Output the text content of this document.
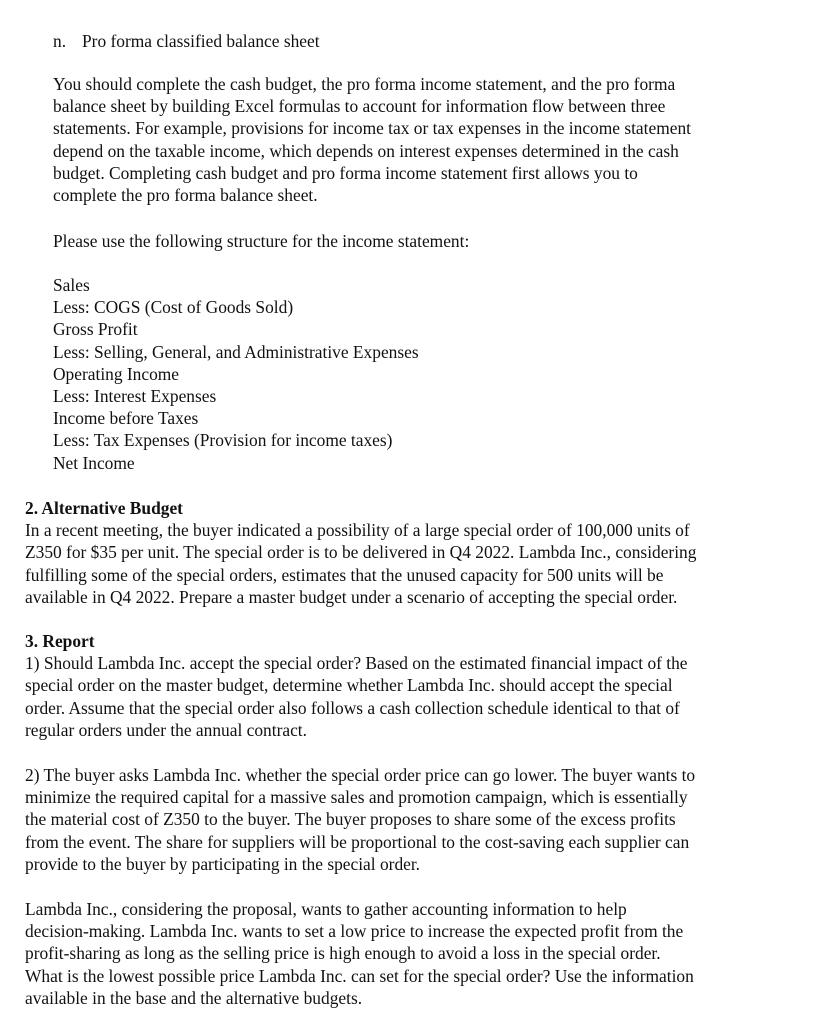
n. Pro forma classified balance sheet
You should complete the cash budget, the pro forma income statement, and the pro forma
balance sheet by building Excel formulas to account for information flow between three
statements. For example, provisions for income tax or tax expenses in the income statement
depend on the taxable income, which depends on interest expenses determined in the cash
budget. Completing cash budget and pro forma income statement first allows you to
complete the pro forma balance sheet.
Please use the following structure for the income statement:
Sales
Less: COGS (Cost of Goods Sold)
Gross Profit
Less: Selling, General, and Administrative Expenses
Operating Income
Less: Interest Expenses
Income before Taxes
Less: Tax Expenses (Provision for income taxes)
Net Income
2. Alternative Budget
In a recent meeting, the buyer indicated a possibility of a large special order of 100,000 units of
Z350 for $35 per unit. The special order is to be delivered in Q4 2022. Lambda Inc., considering
fulfilling some of the special orders, estimates that the unused capacity for 500 units will be
available in Q4 2022. Prepare a master budget under a scenario of accepting the special order.
3. Report
1) Should Lambda Inc. accept the special order? Based on the estimated financial impact of the
special order on the master budget, determine whether Lambda Inc. should accept the special
order. Assume that the special order also follows a cash collection schedule identical to that of
regular orders under the annual contract.
2) The buyer asks Lambda Inc. whether the special order price can go lower. The buyer wants to
minimize the required capital for a massive sales and promotion campaign, which is essentially
the material cost of Z350 to the buyer. The buyer proposes to share some of the excess profits
from the event. The share for suppliers will be proportional to the cost-saving each supplier can
provide to the buyer by participating in the special order.
Lambda Inc., considering the proposal, wants to gather accounting information to help
decision-making. Lambda Inc. wants to set a low price to increase the expected profit from the
profit-sharing as long as the selling price is high enough to avoid a loss in the special order.
What is the lowest possible price Lambda Inc. can set for the special order? Use the information
available in the base and the alternative budgets.
